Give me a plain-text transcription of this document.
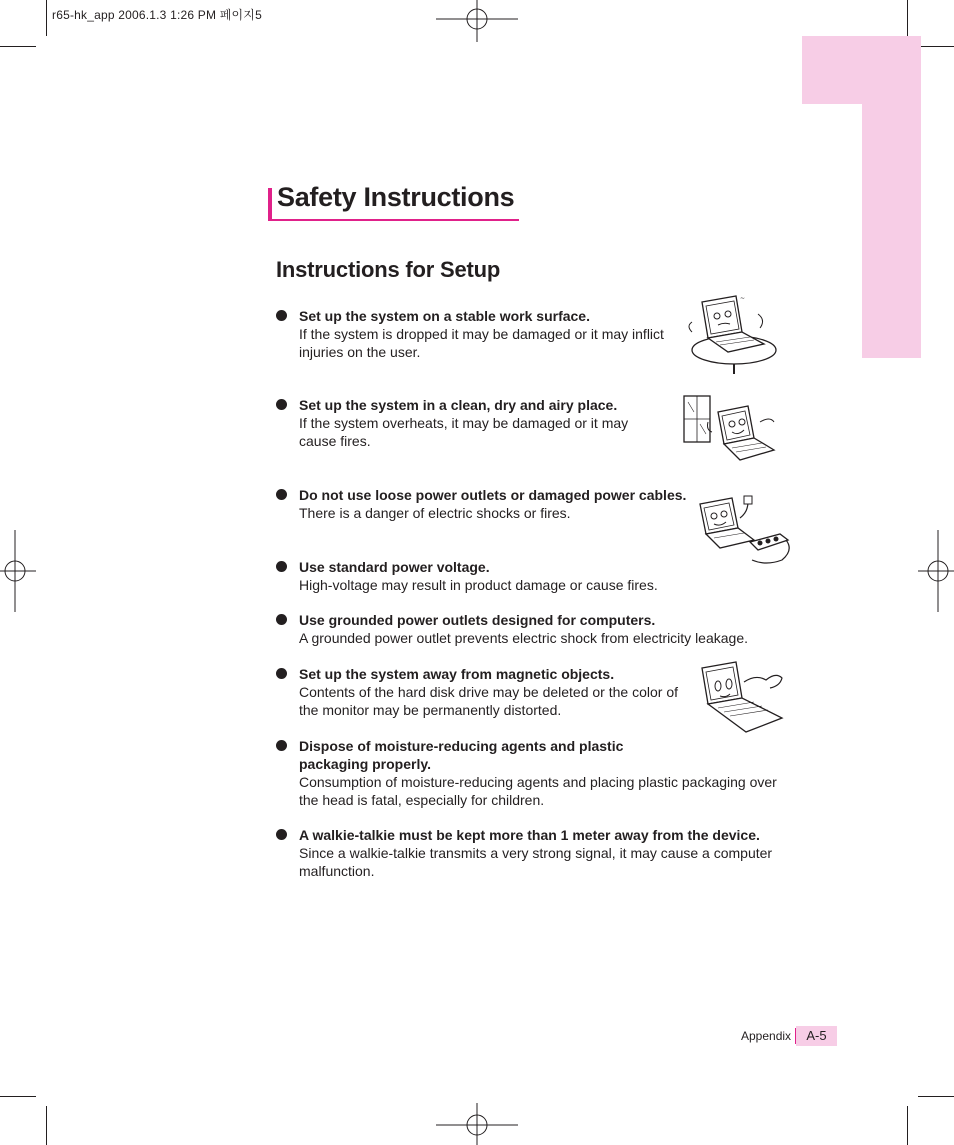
r65-hk_app 2006.1.3 1:26 PM 페이지5
Safety Instructions
Instructions for Setup
Set up the system on a stable work surface.
If the system is dropped it may be damaged or it may inflict injuries on the user.
Set up the system in a clean, dry and airy place.
If the system overheats, it may be damaged or it may cause fires.
Do not use loose power outlets or damaged power cables.
There is a danger of electric shocks or fires.
Use standard power voltage.
High-voltage may result in product damage or cause fires.
Use grounded power outlets designed for computers.
A grounded power outlet prevents electric shock from electricity leakage.
Set up the system away from magnetic objects.
Contents of the hard disk drive may be deleted or the color of the monitor may be permanently distorted.
Dispose of moisture-reducing agents and plastic packaging properly.
Consumption of moisture-reducing agents and placing plastic packaging over the head is fatal, especially for children.
A walkie-talkie must be kept more than 1 meter away from the device.
Since a walkie-talkie transmits a very strong signal, it may cause a computer malfunction.
~
Appendix	A-5
